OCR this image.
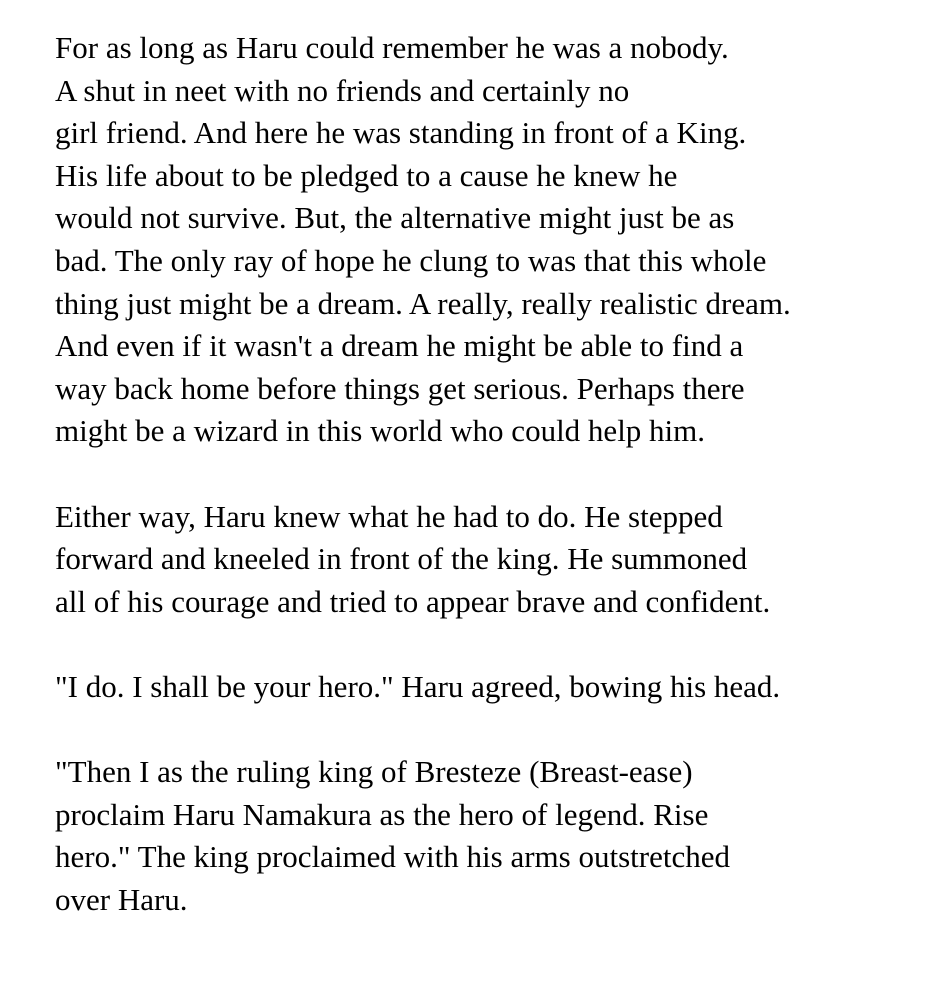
For as long as Haru could remember he was a nobody.
A shut in neet with no friends and certainly no
girl friend. And here he was standing in front of a King.
His life about to be pledged to a cause he knew he
would not survive. But, the alternative might just be as
bad. The only ray of hope he clung to was that this whole
thing just might be a dream. A really, really realistic dream.
And even if it wasn't a dream he might be able to find a
way back home before things get serious. Perhaps there
might be a wizard in this world who could help him.

Either way, Haru knew what he had to do. He stepped
forward and kneeled in front of the king. He summoned
all of his courage and tried to appear brave and confident.

"I do. I shall be your hero." Haru agreed, bowing his head.

"Then I as the ruling king of Bresteze (Breast-ease)
proclaim Haru Namakura as the hero of legend. Rise
hero." The king proclaimed with his arms outstretched
over Haru.
